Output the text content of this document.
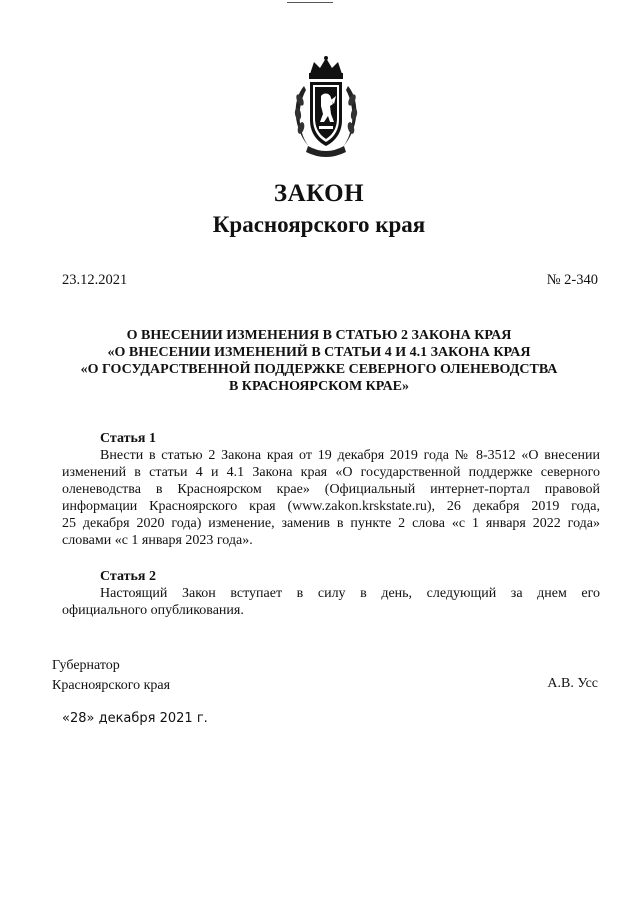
ЗАКОН
Красноярского края
23.12.2021	№ 2-340
О ВНЕСЕНИИ ИЗМЕНЕНИЯ В СТАТЬЮ 2 ЗАКОНА КРАЯ
«О ВНЕСЕНИИ ИЗМЕНЕНИЙ В СТАТЬИ 4 И 4.1 ЗАКОНА КРАЯ
«О ГОСУДАРСТВЕННОЙ ПОДДЕРЖКЕ СЕВЕРНОГО ОЛЕНЕВОДСТВА
В КРАСНОЯРСКОМ КРАЕ»
Статья 1
Внести в статью 2 Закона края от 19 декабря 2019 года № 8-3512 «О внесении
изменений в статьи 4 и 4.1 Закона края «О государственной поддержке северного
оленеводства в Красноярском крае» (Официальный интернет-портал правовой
информации Красноярского края (www.zakon.krskstate.ru), 26 декабря 2019 года,
25 декабря 2020 года) изменение, заменив в пункте 2 слова «с 1 января 2022 года»
словами «с 1 января 2023 года».
Статья 2
Настоящий Закон вступает в силу в день, следующий за днем его
официального опубликования.
Губернатор
Красноярского края	А.В. Усс
«28» декабря 2021 г.
